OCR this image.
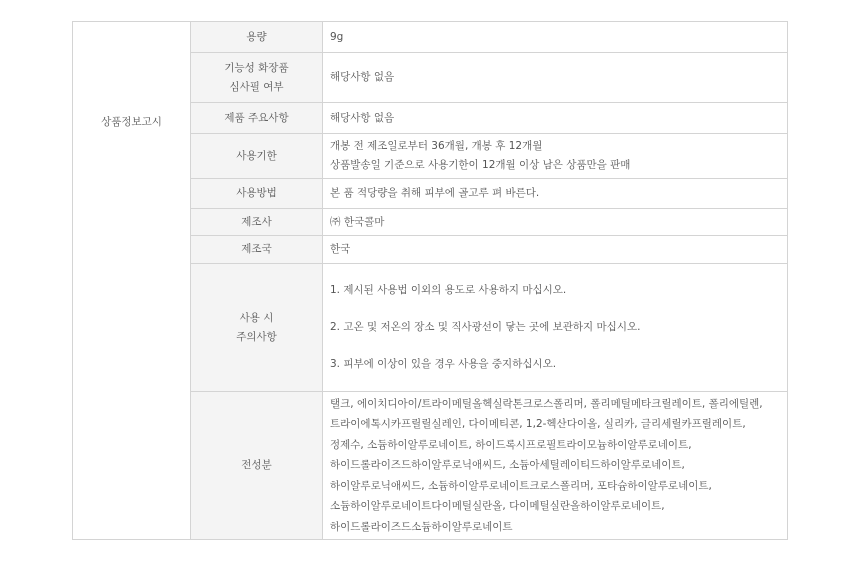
상품정보고시	용량	9g

	기능성 화장품
심사필 여부	해당사항 없음

	제품 주요사항	해당사항 없음

	사용기한	개봉 전 제조일로부터 36개월, 개봉 후 12개월
상품발송일 기준으로 사용기한이 12개월 이상 남은 상품만을 판매

	사용방법	본 품 적당량을 취해 피부에 골고루 펴 바른다.

	제조사	㈜ 한국콜마

	제조국	한국

	사용 시
주의사항	1. 제시된 사용법 이외의 용도로 사용하지 마십시오.
2. 고온 및 저온의 장소 및 직사광선이 닿는 곳에 보관하지 마십시오.
3. 피부에 이상이 있을 경우 사용을 중지하십시오.

	전성분	탤크, 에이치디아이/트라이메틸올헥실락톤크로스폴리머, 폴리메틸메타크릴레이트, 폴리에틸렌, 트라이에톡시카프릴릴실레인, 다이메티콘, 1,2-헥산다이올, 실리카, 글리세릴카프릴레이트, 정제수, 소듐하이알루로네이트, 하이드록시프로필트라이모늄하이알루로네이트, 하이드롤라이즈드하이알루로닉애씨드, 소듐아세틸레이티드하이알루로네이트, 하이알루로닉애씨드, 소듐하이알루로네이트크로스폴리머, 포타슘하이알루로네이트, 소듐하이알루로네이트다이메틸실란올, 다이메틸실란올하이알루로네이트, 하이드롤라이즈드소듐하이알루로네이트
